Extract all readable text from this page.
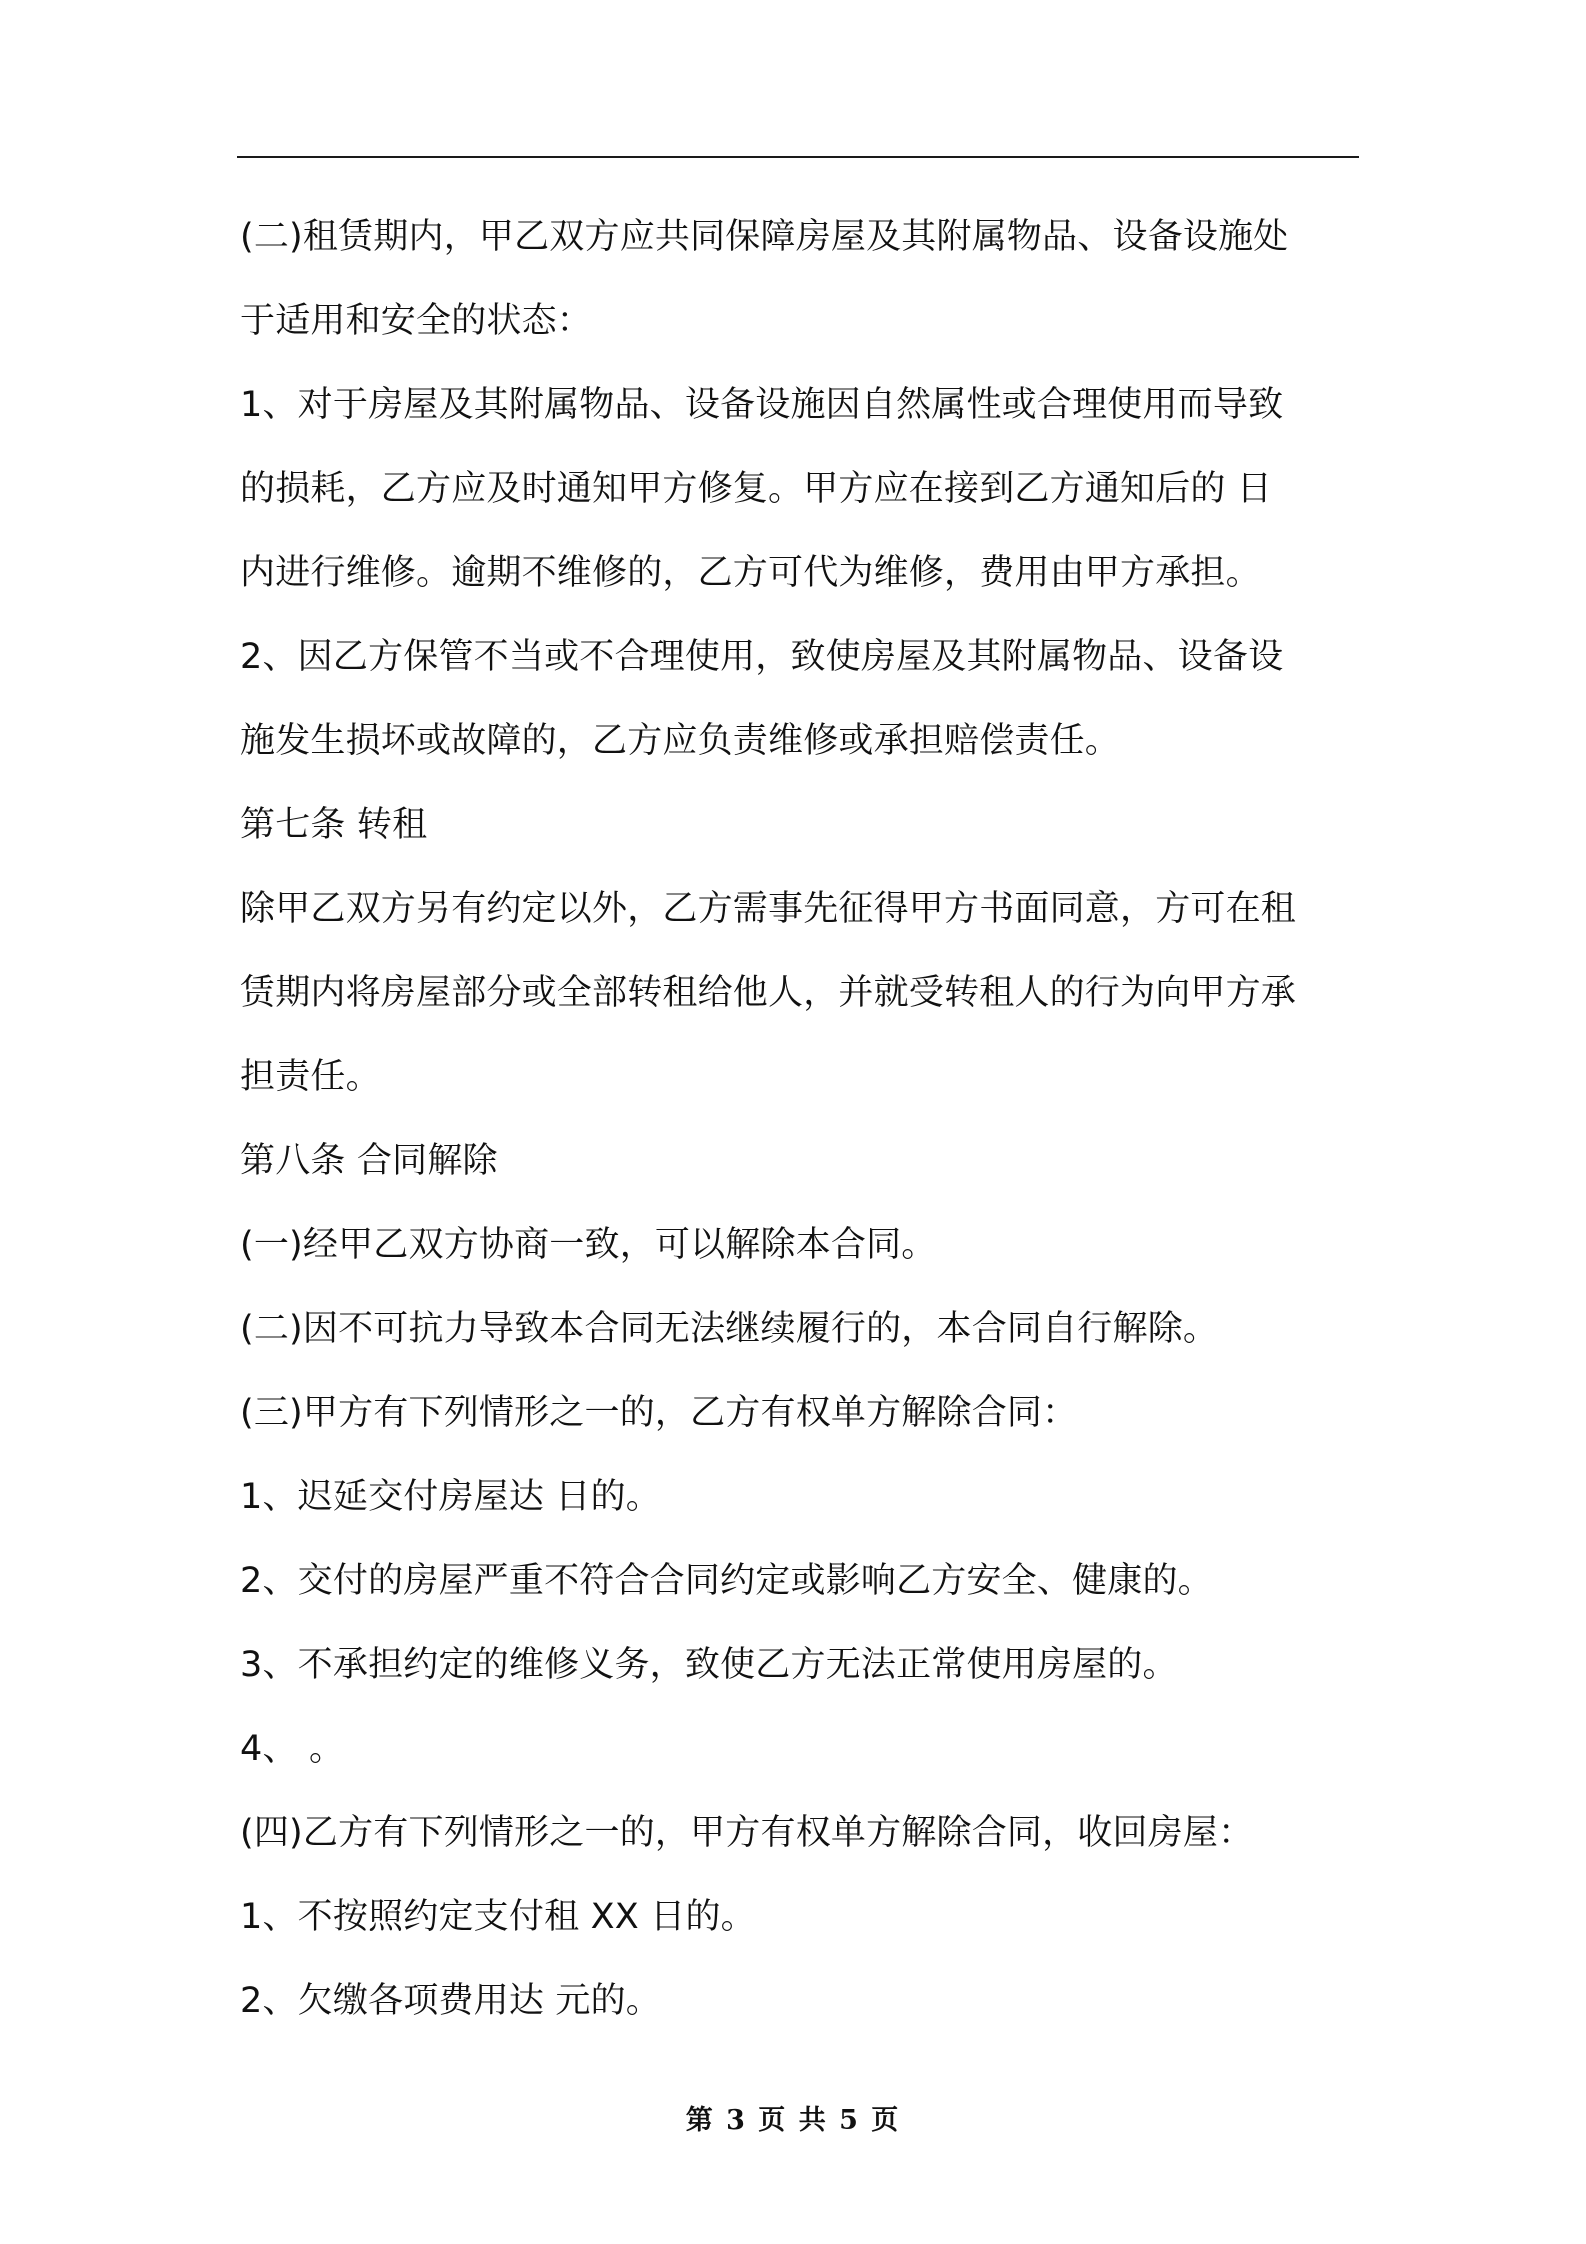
(二)租赁期内，甲乙双方应共同保障房屋及其附属物品、设备设施处
于适用和安全的状态：
1、对于房屋及其附属物品、设备设施因自然属性或合理使用而导致
的损耗，乙方应及时通知甲方修复。甲方应在接到乙方通知后的 日
内进行维修。逾期不维修的，乙方可代为维修，费用由甲方承担。
2、因乙方保管不当或不合理使用，致使房屋及其附属物品、设备设
施发生损坏或故障的，乙方应负责维修或承担赔偿责任。
第七条 转租
除甲乙双方另有约定以外，乙方需事先征得甲方书面同意，方可在租
赁期内将房屋部分或全部转租给他人，并就受转租人的行为向甲方承
担责任。
第八条 合同解除
(一)经甲乙双方协商一致，可以解除本合同。
(二)因不可抗力导致本合同无法继续履行的，本合同自行解除。
(三)甲方有下列情形之一的，乙方有权单方解除合同：
1、迟延交付房屋达 日的。
2、交付的房屋严重不符合合同约定或影响乙方安全、健康的。
3、不承担约定的维修义务，致使乙方无法正常使用房屋的。
4、 。
(四)乙方有下列情形之一的，甲方有权单方解除合同，收回房屋：
1、不按照约定支付租 XX 日的。
2、欠缴各项费用达 元的。
第 3 页 共 5 页
